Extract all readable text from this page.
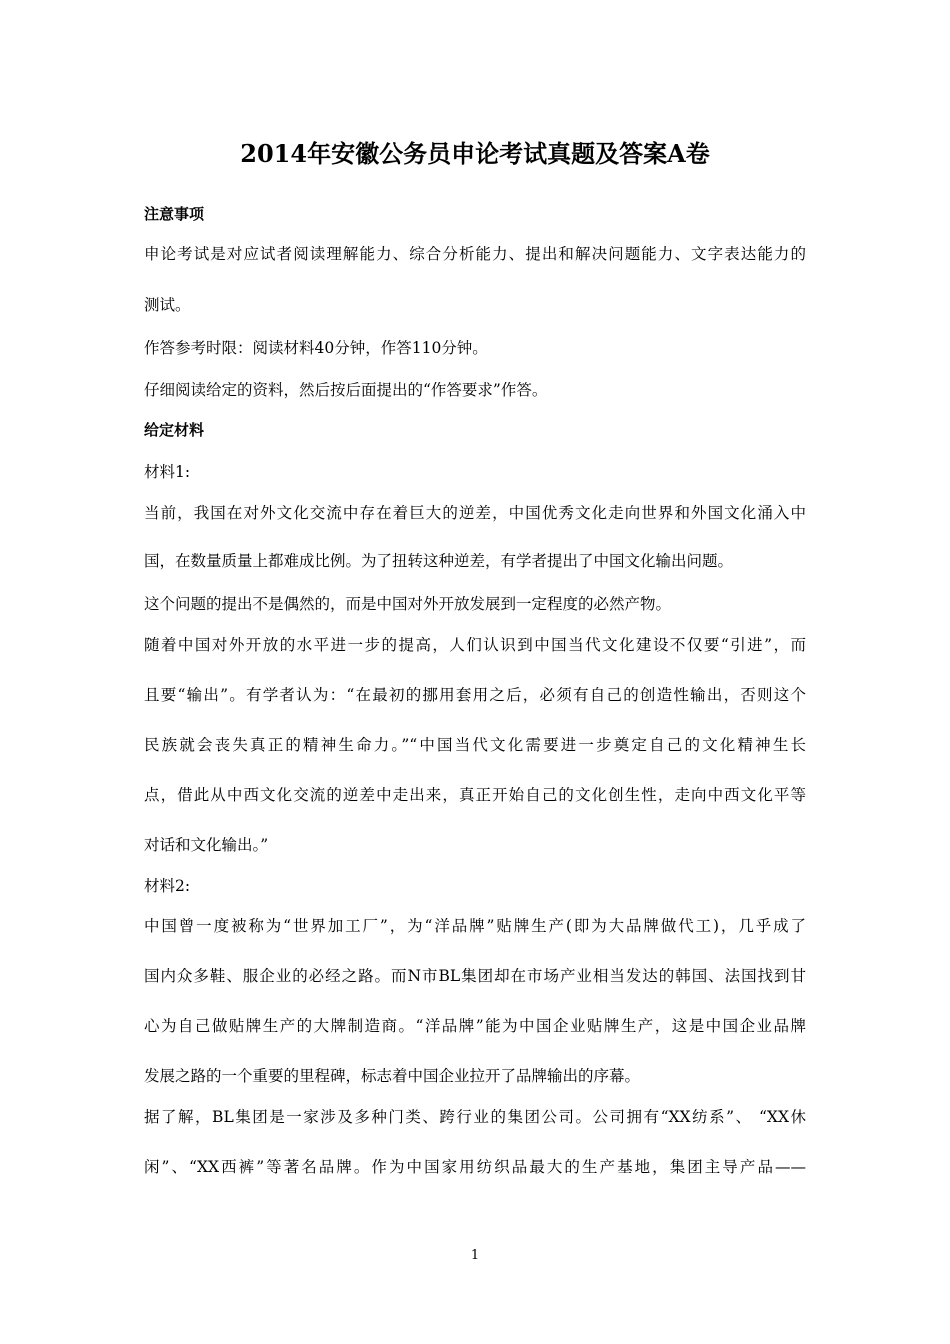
2014年安徽公务员申论考试真题及答案A卷
注意事项
申论考试是对应试者阅读理解能力、综合分析能力、提出和解决问题能力、文字表达能力的
测试。
作答参考时限：阅读材料40分钟，作答110分钟。
仔细阅读给定的资料，然后按后面提出的“作答要求”作答。
给定材料
材料1:
当前，我国在对外文化交流中存在着巨大的逆差，中国优秀文化走向世界和外国文化涌入中
国，在数量质量上都难成比例。为了扭转这种逆差，有学者提出了中国文化输出问题。
这个问题的提出不是偶然的，而是中国对外开放发展到一定程度的必然产物。
随着中国对外开放的水平进一步的提高，人们认识到中国当代文化建设不仅要“引进”，而
且要“输出”。有学者认为：“在最初的挪用套用之后，必须有自己的创造性输出，否则这个
民族就会丧失真正的精神生命力。”“中国当代文化需要进一步奠定自己的文化精神生长
点，借此从中西文化交流的逆差中走出来，真正开始自己的文化创生性，走向中西文化平等
对话和文化输出。”
材料2:
中国曾一度被称为“世界加工厂”，为“洋品牌”贴牌生产(即为大品牌做代工)，几乎成了
国内众多鞋、服企业的必经之路。而N市BL集团却在市场产业相当发达的韩国、法国找到甘
心为自己做贴牌生产的大牌制造商。“洋品牌”能为中国企业贴牌生产，这是中国企业品牌
发展之路的一个重要的里程碑，标志着中国企业拉开了品牌输出的序幕。
据了解，BL集团是一家涉及多种门类、跨行业的集团公司。公司拥有“XX纺系”、 “XX休
闲”、“XX西裤”等著名品牌。作为中国家用纺织品最大的生产基地，集团主导产品——
1
